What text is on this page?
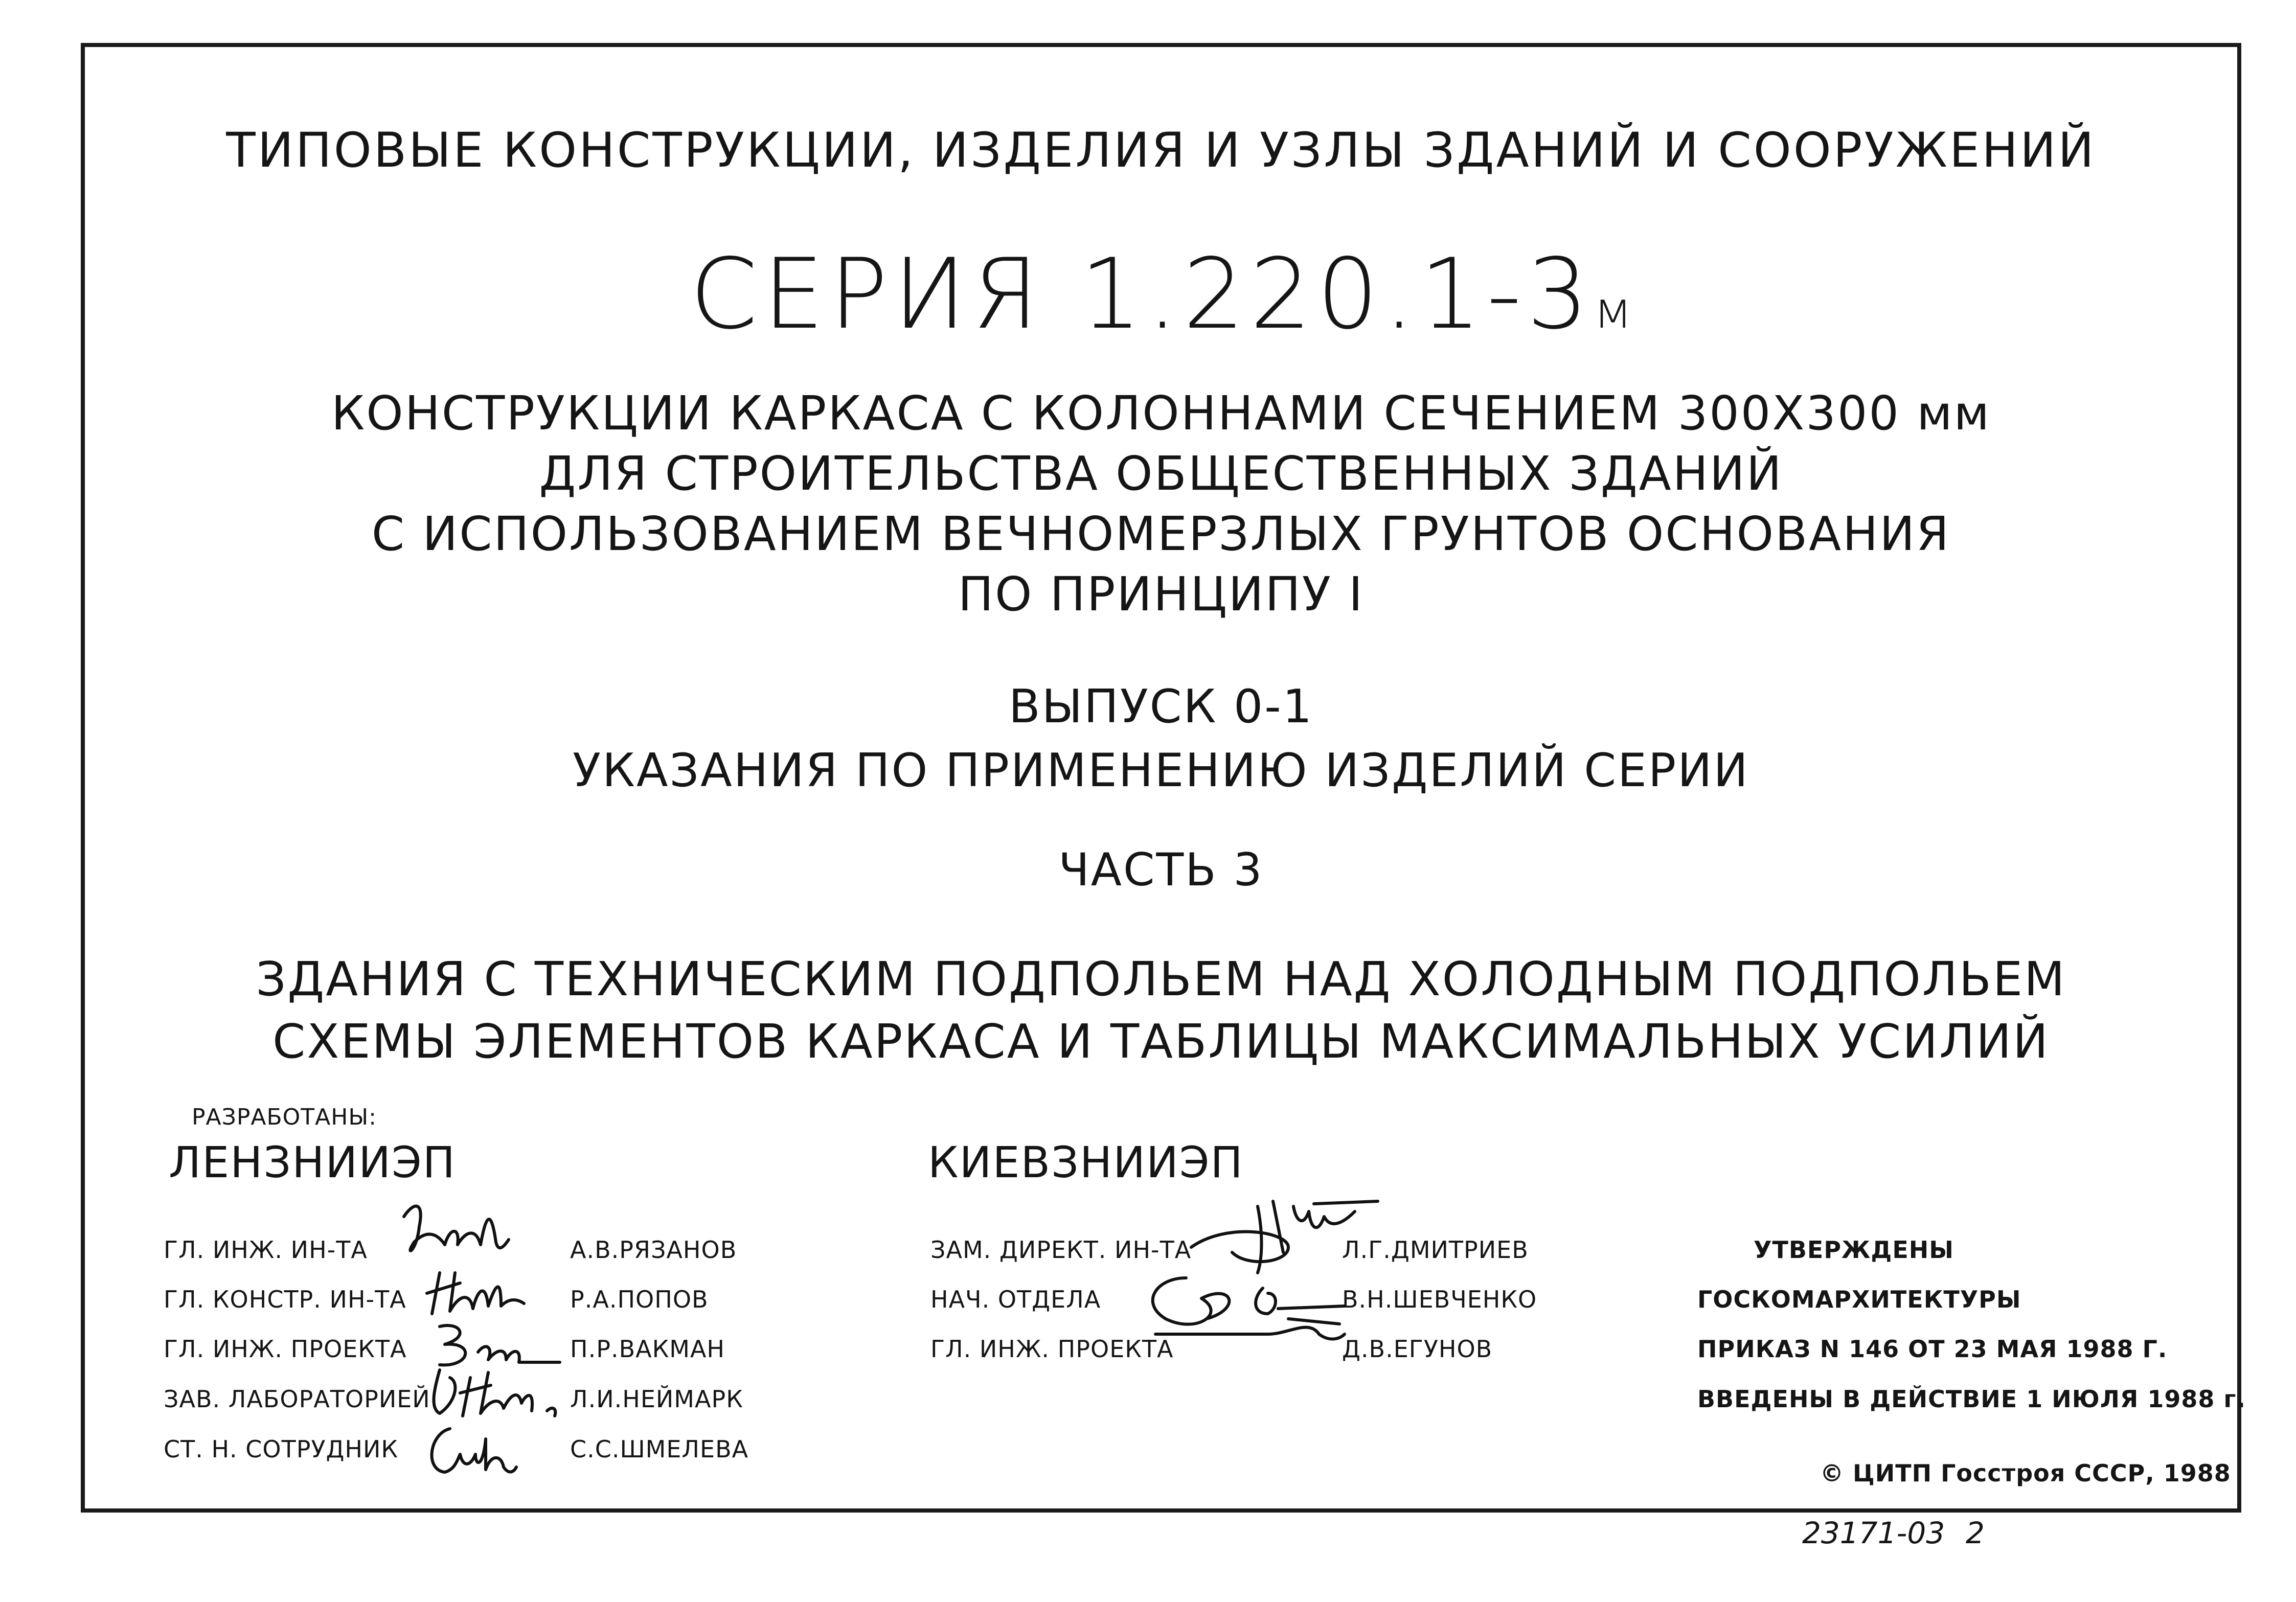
ТИПОВЫЕ КОНСТРУКЦИИ, ИЗДЕЛИЯ И УЗЛЫ ЗДАНИЙ И СООРУЖЕНИЙ
СЕРИЯ 1.220.1-3м
КОНСТРУКЦИИ КАРКАСА С КОЛОННАМИ СЕЧЕНИЕМ 300Х300 мм
ДЛЯ СТРОИТЕЛЬСТВА ОБЩЕСТВЕННЫХ ЗДАНИЙ
С ИСПОЛЬЗОВАНИЕМ ВЕЧНОМЕРЗЛЫХ ГРУНТОВ ОСНОВАНИЯ
ПО ПРИНЦИПУ I
ВЫПУСК 0-1
УКАЗАНИЯ ПО ПРИМЕНЕНИЮ ИЗДЕЛИЙ СЕРИИ
ЧАСТЬ 3
ЗДАНИЯ С ТЕХНИЧЕСКИМ ПОДПОЛЬЕМ НАД ХОЛОДНЫМ ПОДПОЛЬЕМ
СХЕМЫ ЭЛЕМЕНТОВ КАРКАСА И ТАБЛИЦЫ МАКСИМАЛЬНЫХ УСИЛИЙ
РАЗРАБОТАНЫ:
ЛЕНЗНИИЭП
ГЛ. ИНЖ. ИН-ТА	А.В.РЯЗАНОВ
ГЛ. КОНСТР. ИН-ТА	Р.А.ПОПОВ
ГЛ. ИНЖ. ПРОЕКТА	П.Р.ВАКМАН
ЗАВ. ЛАБОРАТОРИЕЙ	Л.И.НЕЙМАРК
СТ. Н. СОТРУДНИК	С.С.ШМЕЛЕВА
КИЕВЗНИИЭП
ЗАМ. ДИРЕКТ. ИН-ТА	Л.Г.ДМИТРИЕВ
НАЧ. ОТДЕЛА	В.Н.ШЕВЧЕНКО
ГЛ. ИНЖ. ПРОЕКТА	Д.В.ЕГУНОВ
УТВЕРЖДЕНЫ
ГОСКОМАРХИТЕКТУРЫ
ПРИКАЗ N 146 ОТ 23 МАЯ 1988 Г.
ВВЕДЕНЫ В ДЕЙСТВИЕ 1 ИЮЛЯ 1988 г.
© ЦИТП Госстроя СССР, 1988
23171-03 2
